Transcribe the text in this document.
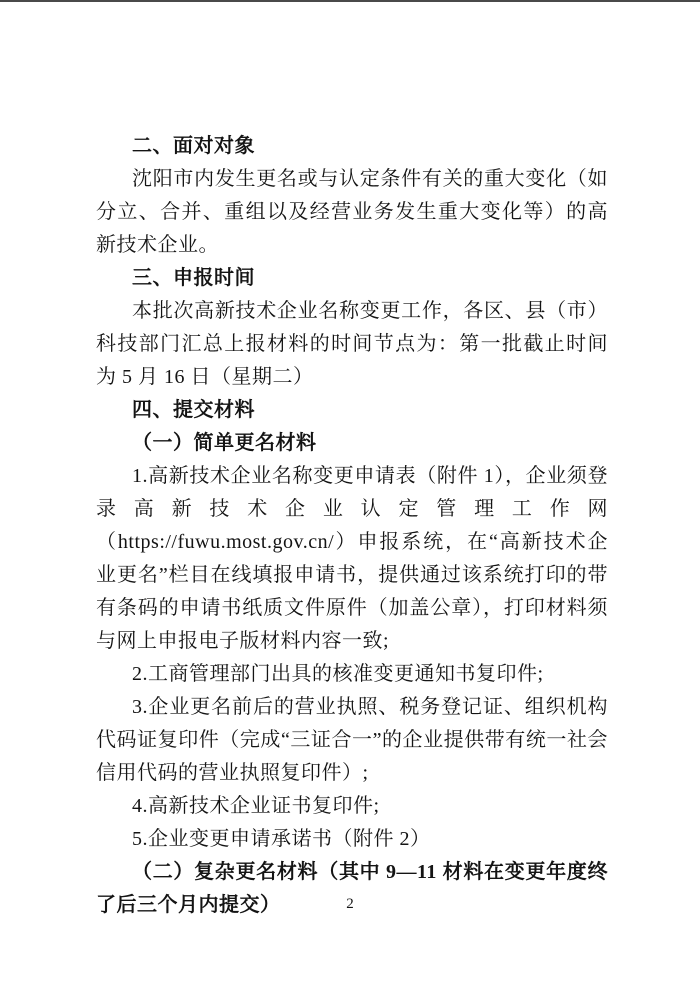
二、面对对象

沈阳市内发生更名或与认定条件有关的重大变化（如分立、合并、重组以及经营业务发生重大变化等）的高新技术企业。

三、申报时间

本批次高新技术企业名称变更工作，各区、县（市）科技部门汇总上报材料的时间节点为：第一批截止时间为 5 月 16 日（星期二）

四、提交材料

（一）简单更名材料

1.高新技术企业名称变更申请表（附件 1），企业须登录高新技术企业认定管理工作网（https://fuwu.most.gov.cn/）申报系统，在“高新技术企业更名”栏目在线填报申请书，提供通过该系统打印的带有条码的申请书纸质文件原件（加盖公章），打印材料须与网上申报电子版材料内容一致;

2.工商管理部门出具的核准变更通知书复印件;

3.企业更名前后的营业执照、税务登记证、组织机构代码证复印件（完成“三证合一”的企业提供带有统一社会信用代码的营业执照复印件）;

4.高新技术企业证书复印件;

5.企业变更申请承诺书（附件 2）

（二）复杂更名材料（其中 9—11 材料在变更年度终了后三个月内提交）	2
